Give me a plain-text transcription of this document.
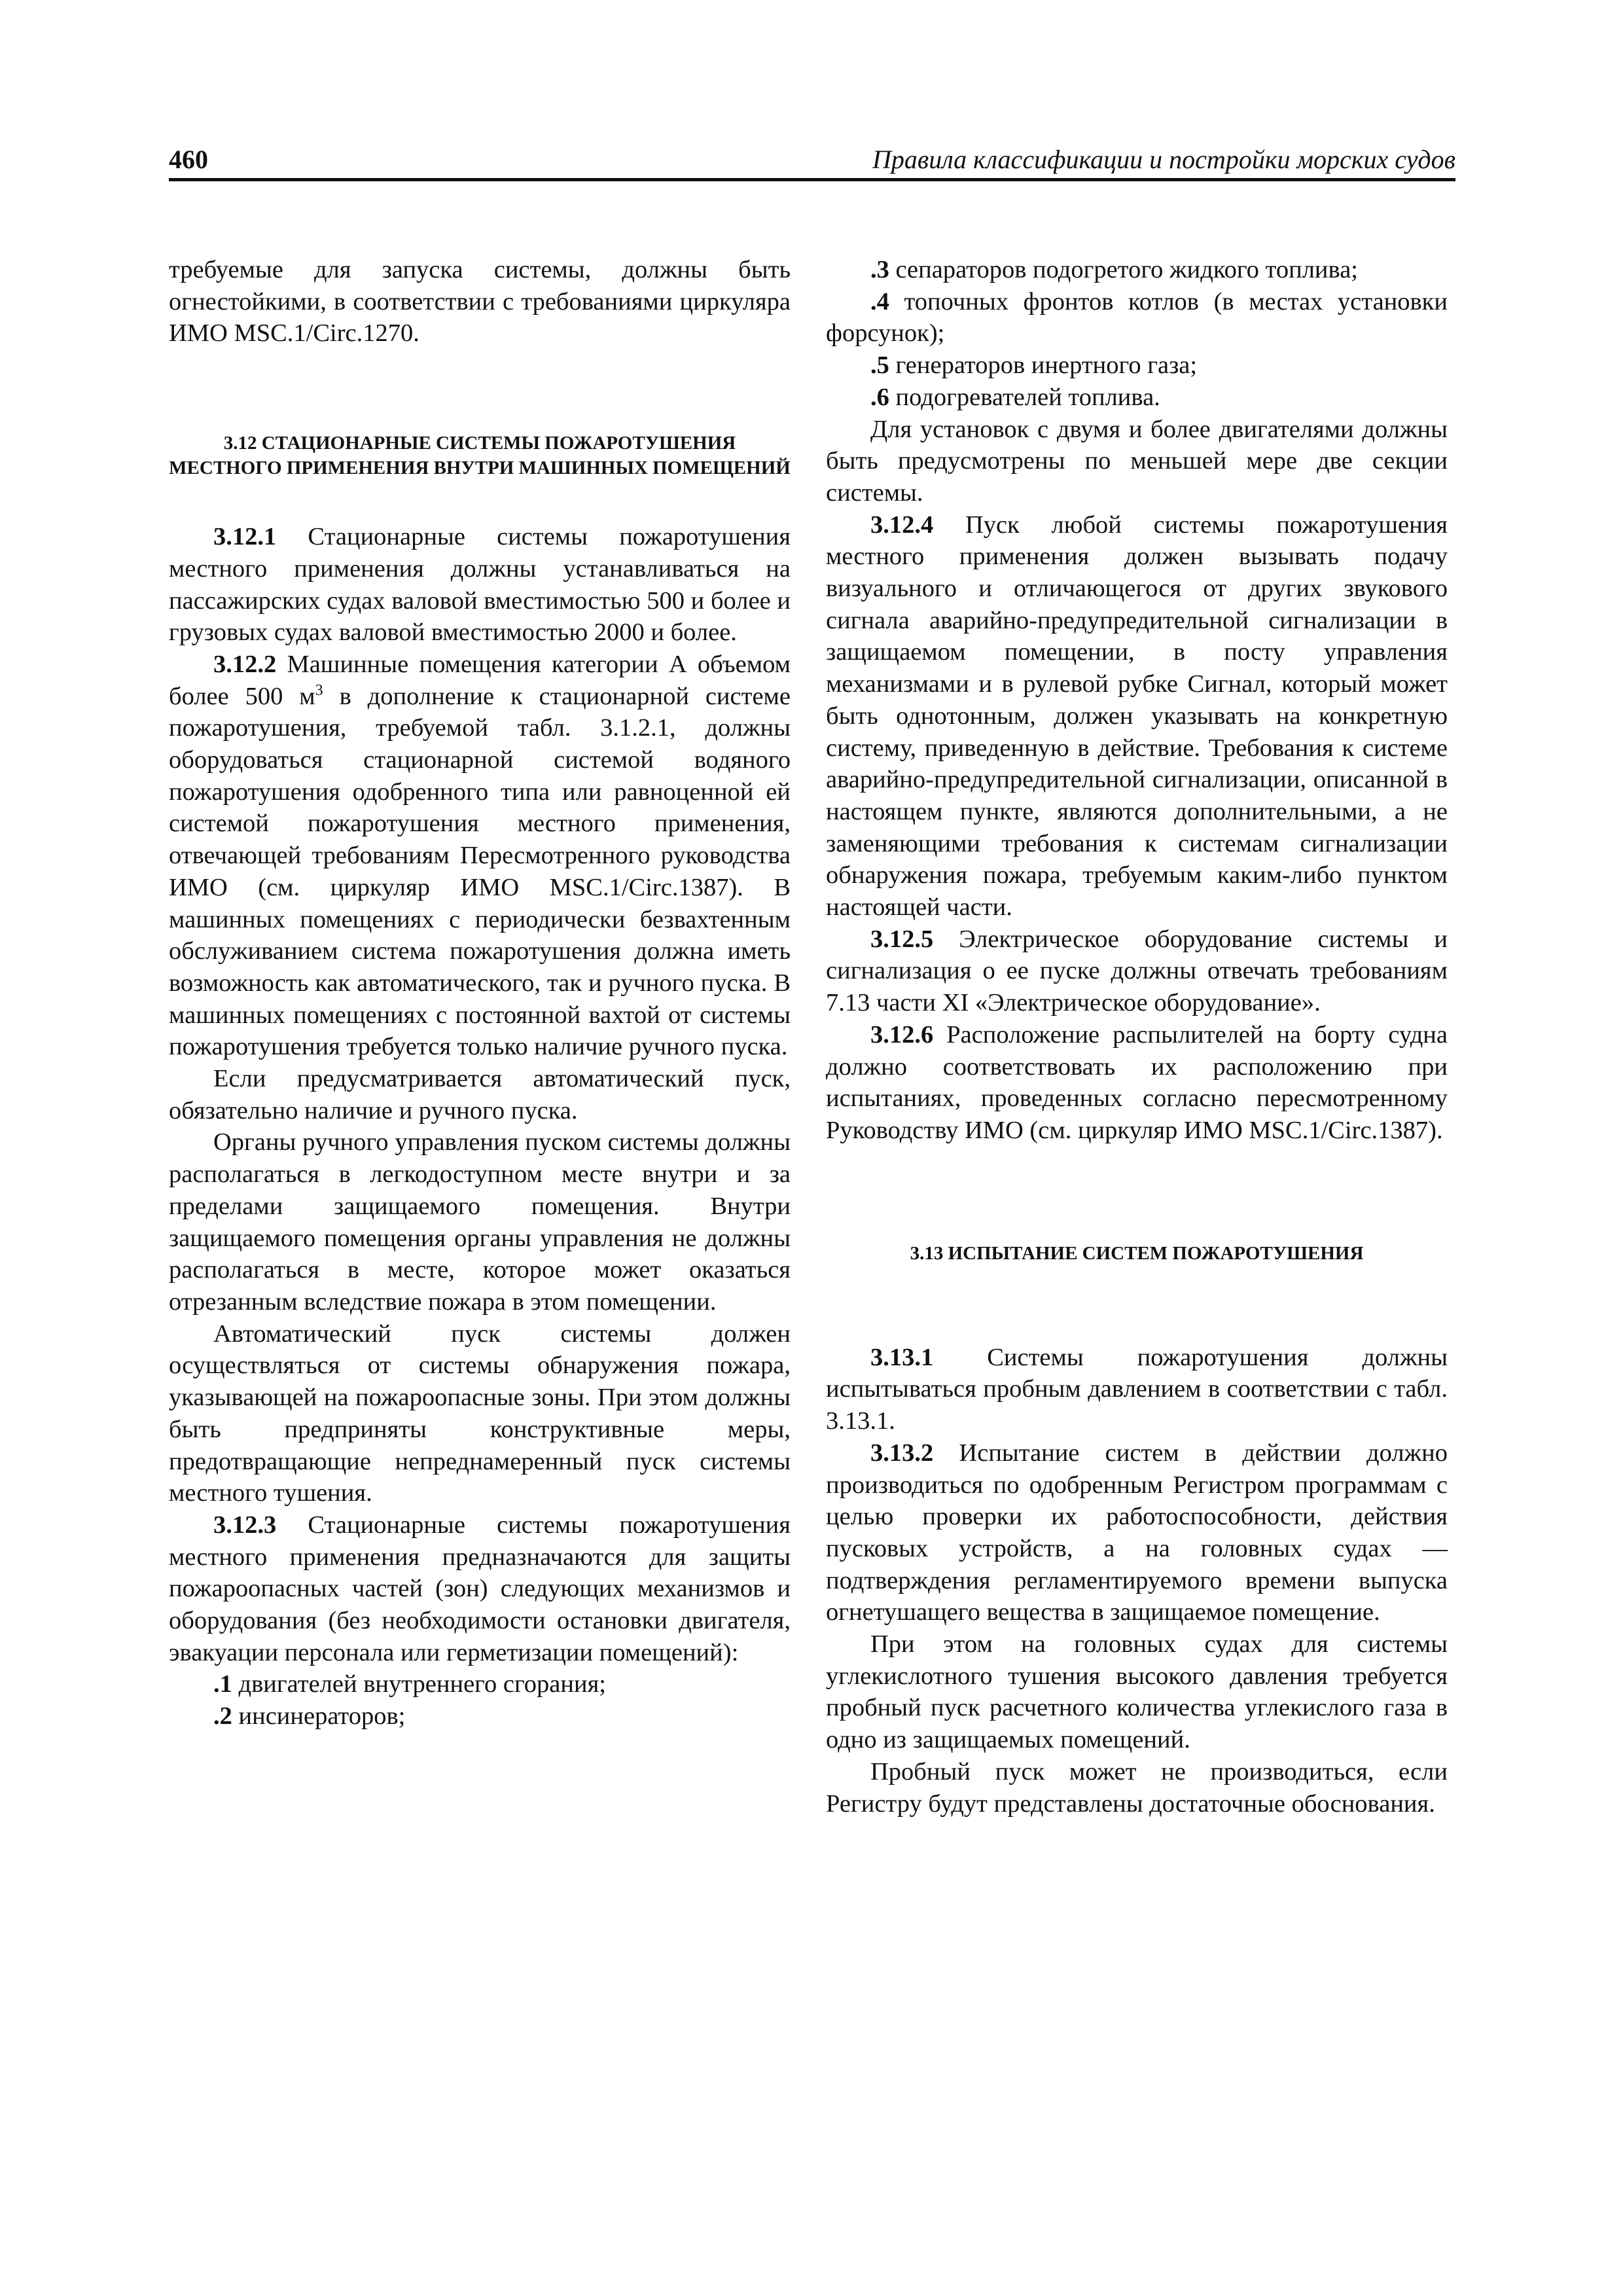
460	Правила классификации и постройки морских судов

требуемые для запуска системы, должны быть огнестойкими, в соответствии с требованиями циркуляра ИМО MSC.1/Circ.1270.

3.12 СТАЦИОНАРНЫЕ СИСТЕМЫ ПОЖАРОТУШЕНИЯ МЕСТНОГО ПРИМЕНЕНИЯ ВНУТРИ МАШИННЫХ ПОМЕЩЕНИЙ

3.12.1 Стационарные системы пожаротушения местного применения должны устанавливаться на пассажирских судах валовой вместимостью 500 и более и грузовых судах валовой вместимостью 2000 и более.

3.12.2 Машинные помещения категории А объемом более 500 $м^3$ в дополнение к стационарной системе пожаротушения, требуемой табл. 3.1.2.1, должны оборудоваться стационарной системой водяного пожаротушения одобренного типа или равноценной ей системой пожаротушения местного применения, отвечающей требованиям Пересмотренного руководства ИМО (см. циркуляр ИМО MSC.1/Circ.1387). В машинных помещениях с периодически безвахтенным обслуживанием система пожаротушения должна иметь возможность как автоматического, так и ручного пуска. В машинных помещениях с постоянной вахтой от системы пожаротушения требуется только наличие ручного пуска.

Если предусматривается автоматический пуск, обязательно наличие и ручного пуска.

Органы ручного управления пуском системы должны располагаться в легкодоступном месте внутри и за пределами защищаемого помещения. Внутри защищаемого помещения органы управления не должны располагаться в месте, которое может оказаться отрезанным вследствие пожара в этом помещении.

Автоматический пуск системы должен осуществляться от системы обнаружения пожара, указывающей на пожароопасные зоны. При этом должны быть предприняты конструктивные меры, предотвращающие непреднамеренный пуск системы местного тушения.

3.12.3 Стационарные системы пожаротушения местного применения предназначаются для защиты пожароопасных частей (зон) следующих механизмов и оборудования (без необходимости остановки двигателя, эвакуации персонала или герметизации помещений):

.1 двигателей внутреннего сгорания;

.2 инсинераторов;

.3 сепараторов подогретого жидкого топлива;

.4 топочных фронтов котлов (в местах установки форсунок);

.5 генераторов инертного газа;

.6 подогревателей топлива.

Для установок с двумя и более двигателями должны быть предусмотрены по меньшей мере две секции системы.

3.12.4 Пуск любой системы пожаротушения местного применения должен вызывать подачу визуального и отличающегося от других звукового сигнала аварийно-предупредительной сигнализации в защищаемом помещении, в посту управления механизмами и в рулевой рубке Сигнал, который может быть однотонным, должен указывать на конкретную систему, приведенную в действие. Требования к системе аварийно-предупредительной сигнализации, описанной в настоящем пункте, являются дополнительными, а не заменяющими требования к системам сигнализации обнаружения пожара, требуемым каким-либо пунктом настоящей части.

3.12.5 Электрическое оборудование системы и сигнализация о ее пуске должны отвечать требованиям 7.13 части XI «Электрическое оборудование».

3.12.6 Расположение распылителей на борту судна должно соответствовать их расположению при испытаниях, проведенных согласно пересмотренному Руководству ИМО (см. циркуляр ИМО MSC.1/Circ.1387).

3.13 ИСПЫТАНИЕ СИСТЕМ ПОЖАРОТУШЕНИЯ

3.13.1 Системы пожаротушения должны испытываться пробным давлением в соответствии с табл. 3.13.1.

3.13.2 Испытание систем в действии должно производиться по одобренным Регистром программам с целью проверки их работоспособности, действия пусковых устройств, а на головных судах — подтверждения регламентируемого времени выпуска огнетушащего вещества в защищаемое помещение.

При этом на головных судах для системы углекислотного тушения высокого давления требуется пробный пуск расчетного количества углекислого газа в одно из защищаемых помещений.

Пробный пуск может не производиться, если Регистру будут представлены достаточные обоснования.
